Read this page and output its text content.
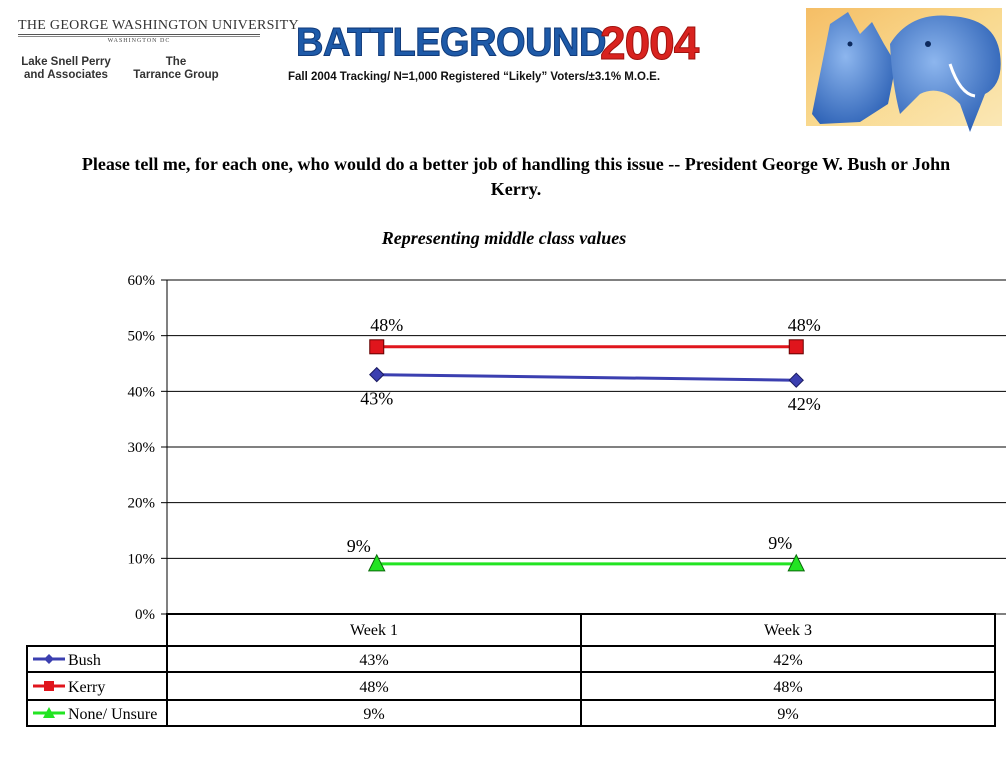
THE GEORGE WASHINGTON UNIVERSITY
WASHINGTON DC
Lake Snell Perry
and Associates
The
Tarrance Group
BATTLEGROUND
2004
Fall 2004 Tracking/ N=1,000 Registered “Likely” Voters/±3.1% M.O.E.
Please tell me, for each one, who would do a better job of handling this issue -- President George W. Bush or John Kerry.
Representing middle class values
0%
10%
20%
30%
40%
50%
60%
43%	42%
48%	48%
9%	9%
Week 1	Week 3
Bush	43%	42%
Kerry	48%	48%
None/ Unsure	9%	9%
